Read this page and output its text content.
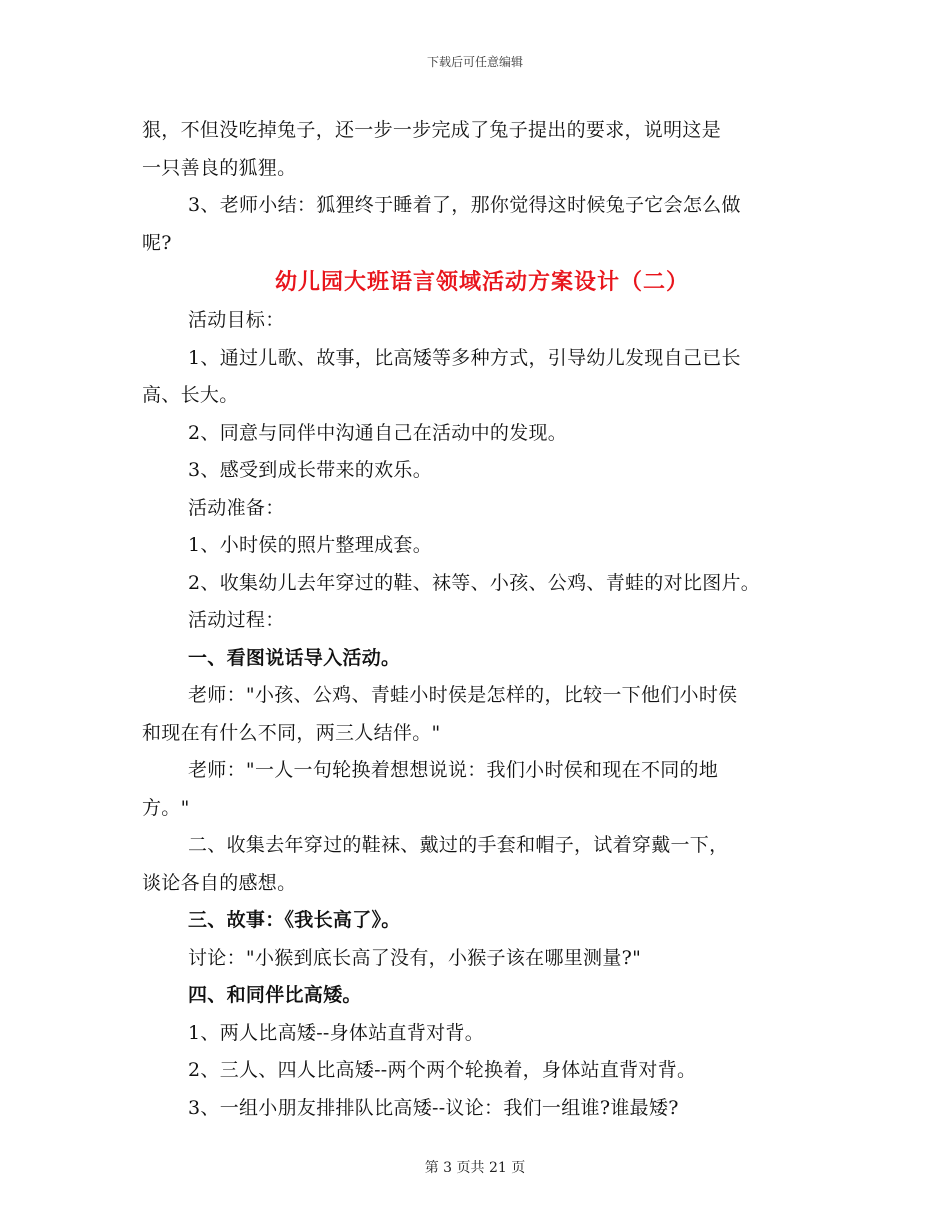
下载后可任意编辑
狠，不但没吃掉兔子，还一步一步完成了兔子提出的要求，说明这是
一只善良的狐狸。
3、老师小结：狐狸终于睡着了，那你觉得这时候兔子它会怎么做
呢?
幼儿园大班语言领域活动方案设计（二）
活动目标：
1、通过儿歌、故事，比高矮等多种方式，引导幼儿发现自己已长
高、长大。
2、同意与同伴中沟通自己在活动中的发现。
3、感受到成长带来的欢乐。
活动准备：
1、小时侯的照片整理成套。
2、收集幼儿去年穿过的鞋、袜等、小孩、公鸡、青蛙的对比图片。
活动过程：
一、看图说话导入活动。
老师："小孩、公鸡、青蛙小时侯是怎样的，比较一下他们小时侯
和现在有什么不同，两三人结伴。"
老师："一人一句轮换着想想说说：我们小时侯和现在不同的地
方。"
二、收集去年穿过的鞋袜、戴过的手套和帽子，试着穿戴一下，
谈论各自的感想。
三、故事：《我长高了》。
讨论："小猴到底长高了没有，小猴子该在哪里测量?"
四、和同伴比高矮。
1、两人比高矮--身体站直背对背。
2、三人、四人比高矮--两个两个轮换着，身体站直背对背。
3、一组小朋友排排队比高矮--议论：我们一组谁?谁最矮?
第 3 页共 21 页
